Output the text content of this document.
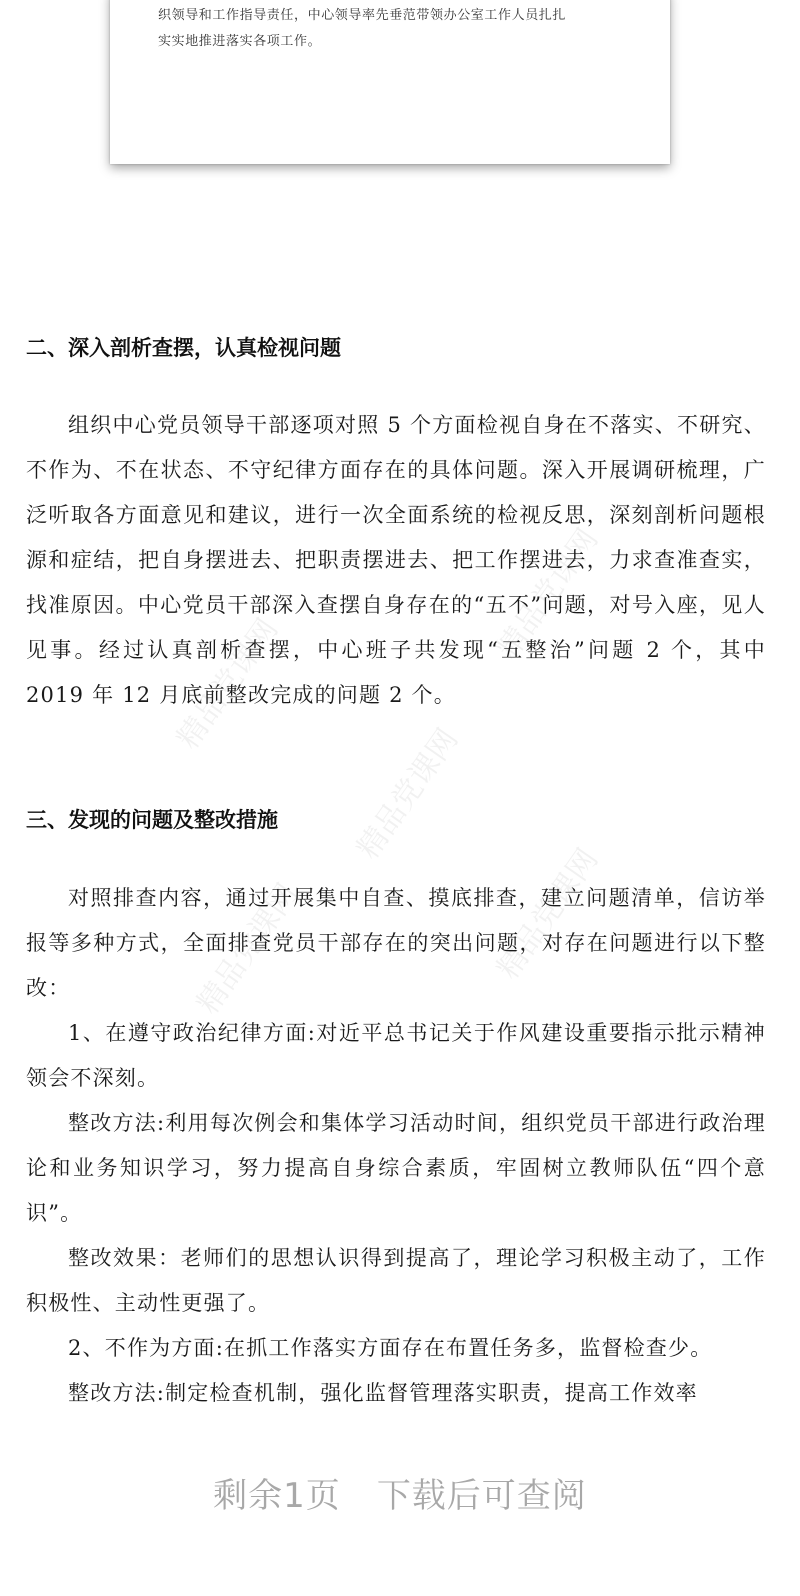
织领导和工作指导责任，中心领导率先垂范带领办公室工作人员扎扎
实实地推进落实各项工作。
精品党课网
精品党课网
精品党课网
精品党课网	精品党课网
二、深入剖析查摆，认真检视问题

组织中心党员领导干部逐项对照 5 个方面检视自身在不落实、不研究、不作为、不在状态、不守纪律方面存在的具体问题。深入开展调研梳理，广泛听取各方面意见和建议，进行一次全面系统的检视反思，深刻剖析问题根源和症结，把自身摆进去、把职责摆进去、把工作摆进去，力求查准查实，找准原因。中心党员干部深入查摆自身存在的“五不”问题，对号入座，见人见事。经过认真剖析查摆，中心班子共发现“五整治”问题 2 个，其中 2019 年 12 月底前整改完成的问题 2 个。

三、发现的问题及整改措施

对照排查内容，通过开展集中自查、摸底排查，建立问题清单，信访举报等多种方式，全面排查党员干部存在的突出问题，对存在问题进行以下整改：

1、在遵守政治纪律方面:对近平总书记关于作风建设重要指示批示精神领会不深刻。

整改方法:利用每次例会和集体学习活动时间，组织党员干部进行政治理论和业务知识学习，努力提高自身综合素质，牢固树立教师队伍“四个意识”。

整改效果：老师们的思想认识得到提高了，理论学习积极主动了，工作积极性、主动性更强了。

2、不作为方面:在抓工作落实方面存在布置任务多，监督检查少。

整改方法:制定检查机制，强化监督管理落实职责，提高工作效率

剩余1页 下载后可查阅
